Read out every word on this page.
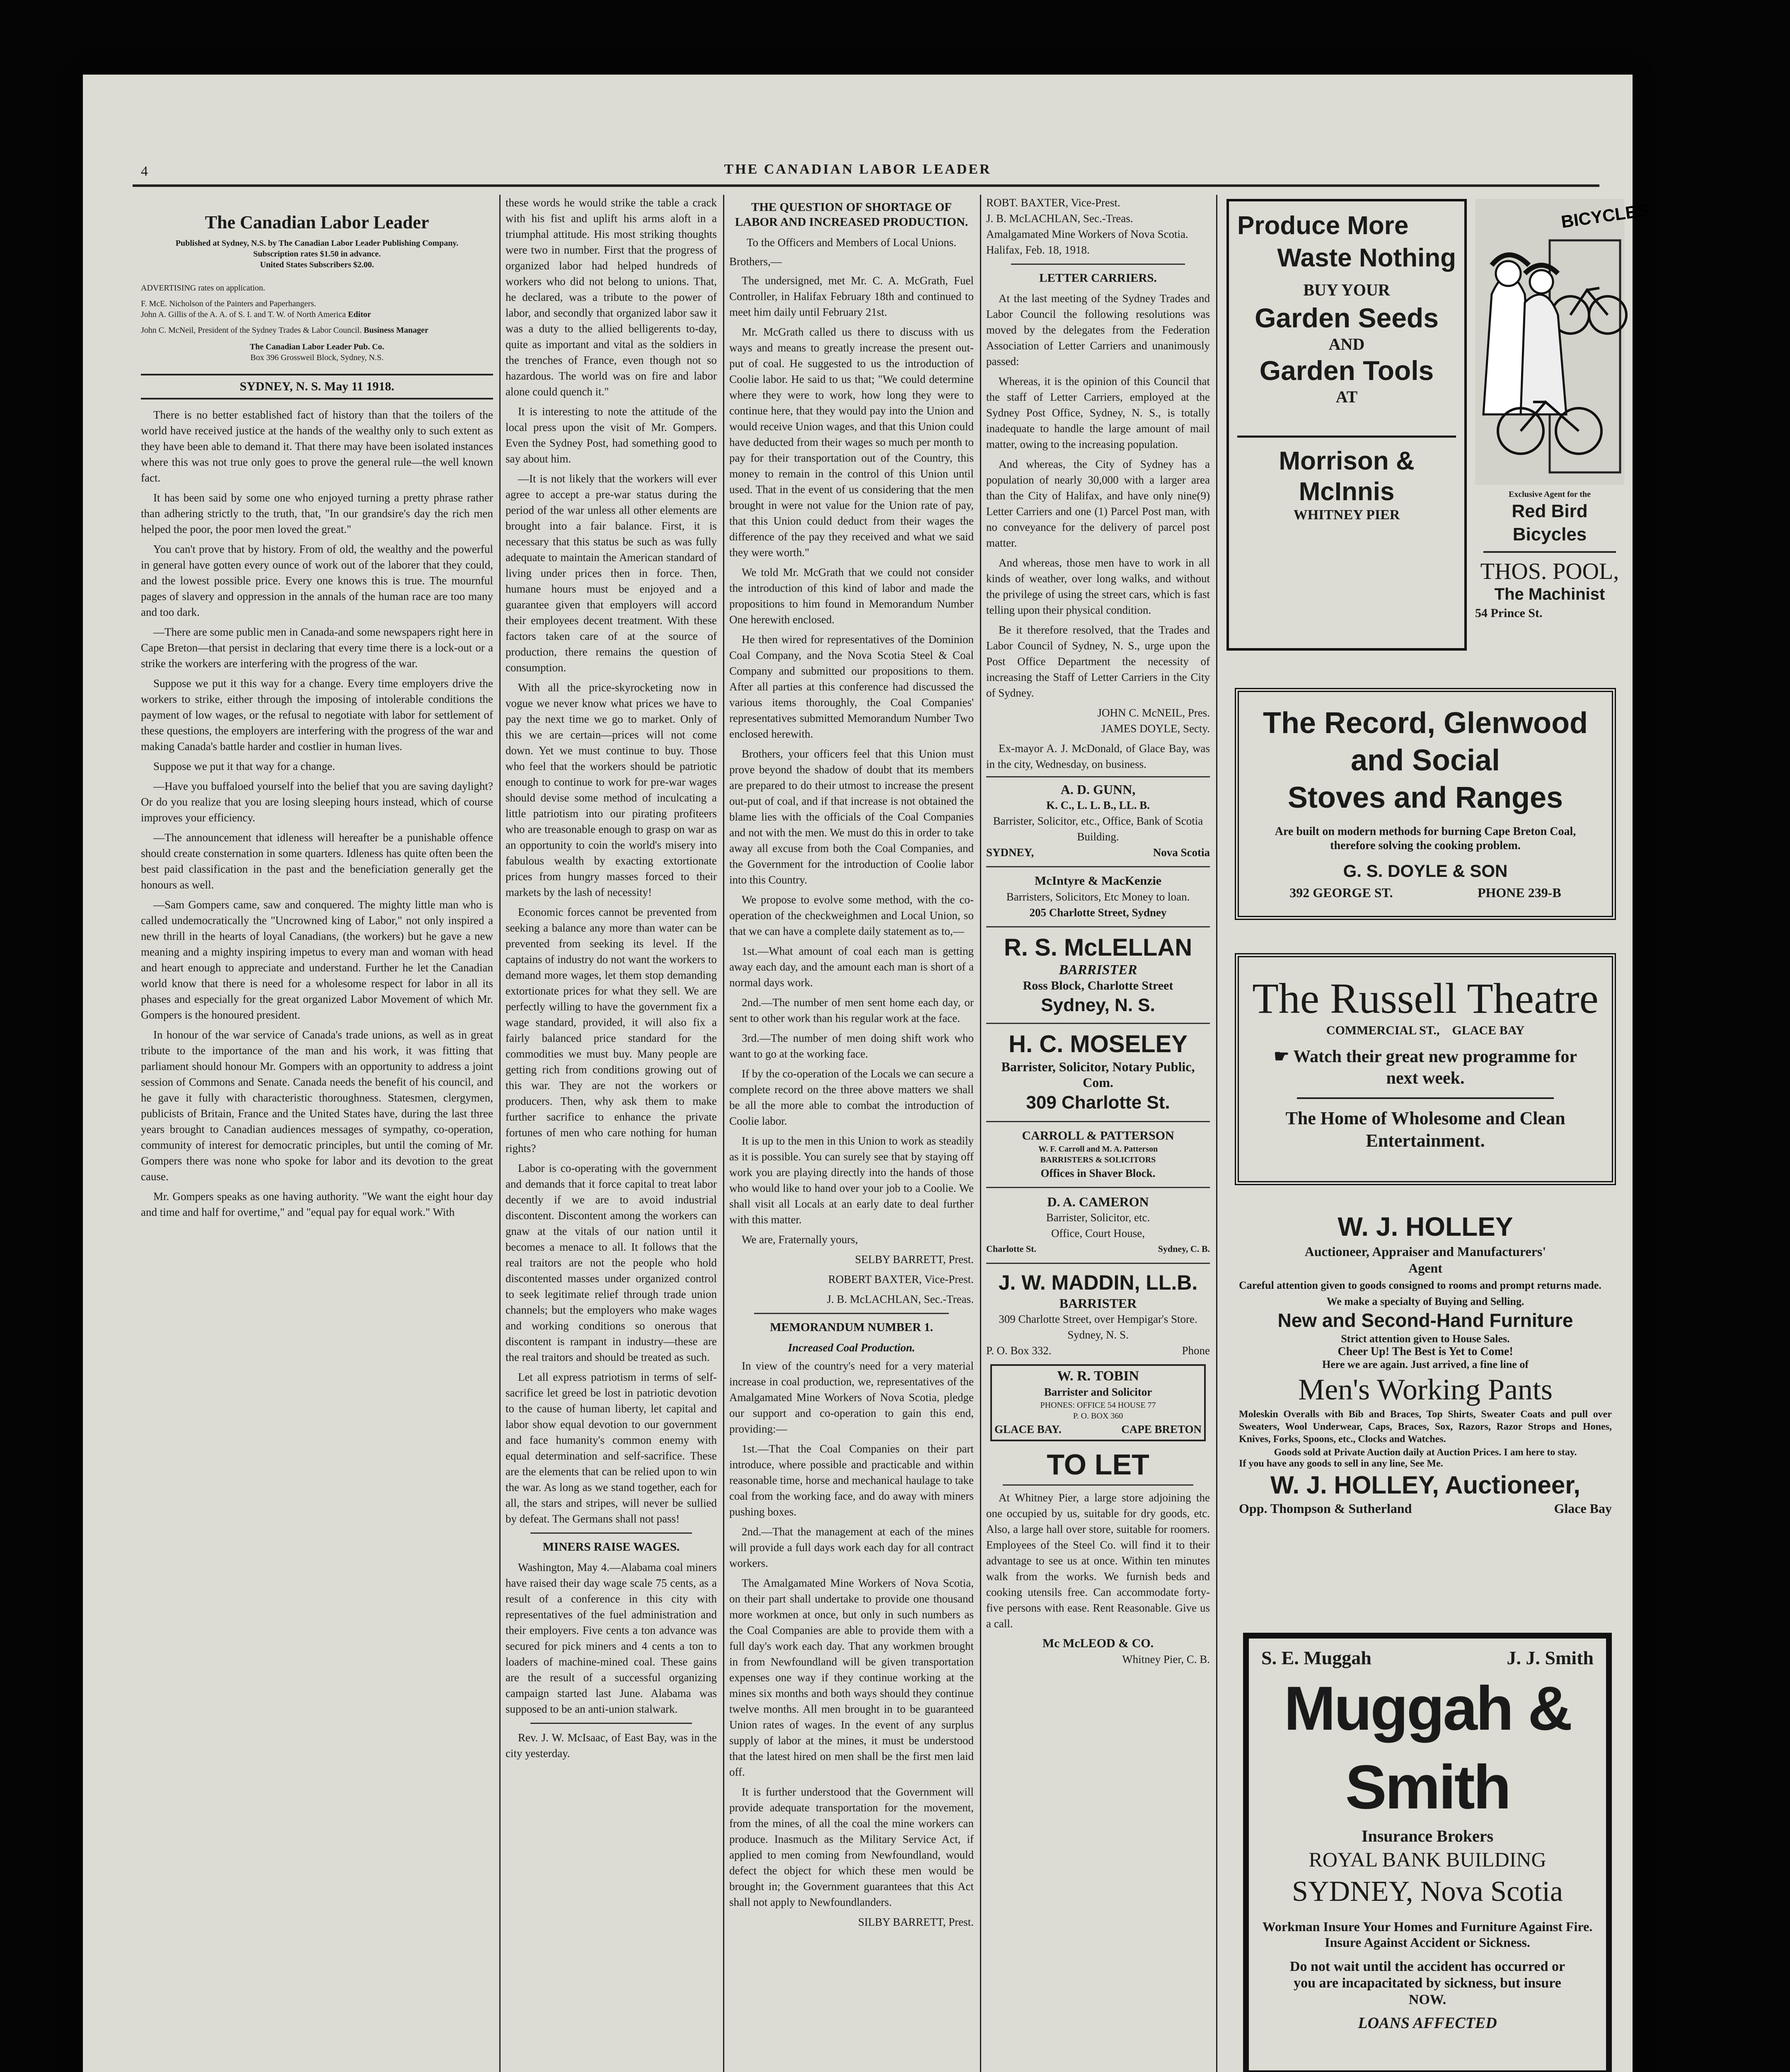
4	THE CANADIAN LABOR LEADER
The Canadian Labor Leader
Published at Sydney, N.S. by The Canadian Labor Leader Publishing Company.
Subscription rates $1.50 in advance.
United States Subscribers $2.00.
ADVERTISING rates on application.
F. McE. Nicholson of the Painters and Paperhangers.
John A. Gillis of the A. A. of S. I. and T. W. of North America Editor
John C. McNeil, President of the Sydney Trades & Labor Council. Business Manager
The Canadian Labor Leader Pub. Co.
Box 396 Grossweil Block, Sydney, N.S.
SYDNEY, N. S. May 11 1918.

There is no better established fact of history than that the toilers of the world have received justice at the hands of the wealthy only to such extent as they have been able to demand it. That there may have been isolated instances where this was not true only goes to prove the general rule—the well known fact.

It has been said by some one who enjoyed turning a pretty phrase rather than adhering strictly to the truth, that, "In our grandsire's day the rich men helped the poor, the poor men loved the great."

You can't prove that by history. From of old, the wealthy and the powerful in general have gotten every ounce of work out of the laborer that they could, and the lowest possible price. Every one knows this is true. The mournful pages of slavery and oppression in the annals of the human race are too many and too dark.

—There are some public men in Canada-and some newspapers right here in Cape Breton—that persist in declaring that every time there is a lock-out or a strike the workers are interfering with the progress of the war.

Suppose we put it this way for a change. Every time employers drive the workers to strike, either through the imposing of intolerable conditions the payment of low wages, or the refusal to negotiate with labor for settlement of these questions, the employers are interfering with the progress of the war and making Canada's battle harder and costlier in human lives.

Suppose we put it that way for a change.

—Have you buffaloed yourself into the belief that you are saving daylight? Or do you realize that you are losing sleeping hours instead, which of course improves your efficiency.

—The announcement that idleness will hereafter be a punishable offence should create consternation in some quarters. Idleness has quite often been the best paid classification in the past and the beneficiation generally get the honours as well.

—Sam Gompers came, saw and conquered. The mighty little man who is called undemocratically the "Uncrowned king of Labor," not only inspired a new thrill in the hearts of loyal Canadians, (the workers) but he gave a new meaning and a mighty inspiring impetus to every man and woman with head and heart enough to appreciate and understand. Further he let the Canadian world know that there is need for a wholesome respect for labor in all its phases and especially for the great organized Labor Movement of which Mr. Gompers is the honoured president.

In honour of the war service of Canada's trade unions, as well as in great tribute to the importance of the man and his work, it was fitting that parliament should honour Mr. Gompers with an opportunity to address a joint session of Commons and Senate. Canada needs the benefit of his council, and he gave it fully with characteristic thoroughness. Statesmen, clergymen, publicists of Britain, France and the United States have, during the last three years brought to Canadian audiences messages of sympathy, co-operation, community of interest for democratic principles, but until the coming of Mr. Gompers there was none who spoke for labor and its devotion to the great cause.

Mr. Gompers speaks as one having authority. "We want the eight hour day and time and half for overtime," and "equal pay for equal work." With

these words he would strike the table a crack with his fist and uplift his arms aloft in a triumphal attitude. His most striking thoughts were two in number. First that the progress of organized labor had helped hundreds of workers who did not belong to unions. That, he declared, was a tribute to the power of labor, and secondly that organized labor saw it was a duty to the allied belligerents to-day, quite as important and vital as the soldiers in the trenches of France, even though not so hazardous. The world was on fire and labor alone could quench it."

It is interesting to note the attitude of the local press upon the visit of Mr. Gompers. Even the Sydney Post, had something good to say about him.

—It is not likely that the workers will ever agree to accept a pre-war status during the period of the war unless all other elements are brought into a fair balance. First, it is necessary that this status be such as was fully adequate to maintain the American standard of living under prices then in force. Then, humane hours must be enjoyed and a guarantee given that employers will accord their employees decent treatment. With these factors taken care of at the source of production, there remains the question of consumption.

With all the price-skyrocketing now in vogue we never know what prices we have to pay the next time we go to market. Only of this we are certain—prices will not come down. Yet we must continue to buy. Those who feel that the workers should be patriotic enough to continue to work for pre-war wages should devise some method of inculcating a little patriotism into our pirating profiteers who are treasonable enough to grasp on war as an opportunity to coin the world's misery into fabulous wealth by exacting extortionate prices from hungry masses forced to their markets by the lash of necessity!

Economic forces cannot be prevented from seeking a balance any more than water can be prevented from seeking its level. If the captains of industry do not want the workers to demand more wages, let them stop demanding extortionate prices for what they sell. We are perfectly willing to have the government fix a wage standard, provided, it will also fix a fairly balanced price standard for the commodities we must buy. Many people are getting rich from conditions growing out of this war. They are not the workers or producers. Then, why ask them to make further sacrifice to enhance the private fortunes of men who care nothing for human rights?

Labor is co-operating with the government and demands that it force capital to treat labor decently if we are to avoid industrial discontent. Discontent among the workers can gnaw at the vitals of our nation until it becomes a menace to all. It follows that the real traitors are not the people who hold discontented masses under organized control to seek legitimate relief through trade union channels; but the employers who make wages and working conditions so onerous that discontent is rampant in industry—these are the real traitors and should be treated as such.

Let all express patriotism in terms of self-sacrifice let greed be lost in patriotic devotion to the cause of human liberty, let capital and labor show equal devotion to our government and face humanity's common enemy with equal determination and self-sacrifice. These are the elements that can be relied upon to win the war. As long as we stand together, each for all, the stars and stripes, will never be sullied by defeat. The Germans shall not pass!

MINERS RAISE WAGES.

Washington, May 4.—Alabama coal miners have raised their day wage scale 75 cents, as a result of a conference in this city with representatives of the fuel administration and their employers. Five cents a ton advance was secured for pick miners and 4 cents a ton to loaders of machine-mined coal. These gains are the result of a successful organizing campaign started last June. Alabama was supposed to be an anti-union stalwark.

Rev. J. W. McIsaac, of East Bay, was in the city yesterday.

THE QUESTION OF SHORTAGE OF LABOR AND INCREASED PRODUCTION.
To the Officers and Members of Local Unions.
Brothers,—

The undersigned, met Mr. C. A. McGrath, Fuel Controller, in Halifax February 18th and continued to meet him daily until February 21st.

Mr. McGrath called us there to discuss with us ways and means to greatly increase the present out-put of coal. He suggested to us the introduction of Coolie labor. He said to us that; "We could determine where they were to work, how long they were to continue here, that they would pay into the Union and would receive Union wages, and that this Union could have deducted from their wages so much per month to pay for their transportation out of the Country, this money to remain in the control of this Union until used. That in the event of us considering that the men brought in were not value for the Union rate of pay, that this Union could deduct from their wages the difference of the pay they received and what we said they were worth."

We told Mr. McGrath that we could not consider the introduction of this kind of labor and made the propositions to him found in Memorandum Number One herewith enclosed.

He then wired for representatives of the Dominion Coal Company, and the Nova Scotia Steel & Coal Company and submitted our propositions to them. After all parties at this conference had discussed the various items thoroughly, the Coal Companies' representatives submitted Memorandum Number Two enclosed herewith.

Brothers, your officers feel that this Union must prove beyond the shadow of doubt that its members are prepared to do their utmost to increase the present out-put of coal, and if that increase is not obtained the blame lies with the officials of the Coal Companies and not with the men. We must do this in order to take away all excuse from both the Coal Companies, and the Government for the introduction of Coolie labor into this Country.

We propose to evolve some method, with the co-operation of the checkweighmen and Local Union, so that we can have a complete daily statement as to,—

1st.—What amount of coal each man is getting away each day, and the amount each man is short of a normal days work.

2nd.—The number of men sent home each day, or sent to other work than his regular work at the face.

3rd.—The number of men doing shift work who want to go at the working face.

If by the co-operation of the Locals we can secure a complete record on the three above matters we shall be all the more able to combat the introduction of Coolie labor.

It is up to the men in this Union to work as steadily as it is possible. You can surely see that by staying off work you are playing directly into the hands of those who would like to hand over your job to a Coolie. We shall visit all Locals at an early date to deal further with this matter.

We are, Fraternally yours,

SELBY BARRETT, Prest.

ROBERT BAXTER, Vice-Prest.

J. B. McLACHLAN, Sec.-Treas.

MEMORANDUM NUMBER 1.
Increased Coal Production.

In view of the country's need for a very material increase in coal production, we, representatives of the Amalgamated Mine Workers of Nova Scotia, pledge our support and co-operation to gain this end, providing:—

1st.—That the Coal Companies on their part introduce, where possible and practicable and within reasonable time, horse and mechanical haulage to take coal from the working face, and do away with miners pushing boxes.

2nd.—That the management at each of the mines will provide a full days work each day for all contract workers.

The Amalgamated Mine Workers of Nova Scotia, on their part shall undertake to provide one thousand more workmen at once, but only in such numbers as the Coal Companies are able to provide them with a full day's work each day. That any workmen brought in from Newfoundland will be given transportation expenses one way if they continue working at the mines six months and both ways should they continue twelve months. All men brought in to be guaranteed Union rates of wages. In the event of any surplus supply of labor at the mines, it must be understood that the latest hired on men shall be the first men laid off.

It is further understood that the Government will provide adequate transportation for the movement, from the mines, of all the coal the mine workers can produce. Inasmuch as the Military Service Act, if applied to men coming from Newfoundland, would defect the object for which these men would be brought in; the Government guarantees that this Act shall not apply to Newfoundlanders.

SILBY BARRETT, Prest.

ROBT. BAXTER, Vice-Prest.

J. B. McLACHLAN, Sec.-Treas.

Amalgamated Mine Workers of Nova Scotia.

Halifax, Feb. 18, 1918.

LETTER CARRIERS.

At the last meeting of the Sydney Trades and Labor Council the following resolutions was moved by the delegates from the Federation Association of Letter Carriers and unanimously passed:

Whereas, it is the opinion of this Council that the staff of Letter Carriers, employed at the Sydney Post Office, Sydney, N. S., is totally inadequate to handle the large amount of mail matter, owing to the increasing population.

And whereas, the City of Sydney has a population of nearly 30,000 with a larger area than the City of Halifax, and have only nine(9) Letter Carriers and one (1) Parcel Post man, with no conveyance for the delivery of parcel post matter.

And whereas, those men have to work in all kinds of weather, over long walks, and without the privilege of using the street cars, which is fast telling upon their physical condition.

Be it therefore resolved, that the Trades and Labor Council of Sydney, N. S., urge upon the Post Office Department the necessity of increasing the Staff of Letter Carriers in the City of Sydney.

JOHN C. McNEIL, Pres.

JAMES DOYLE, Secty.

Ex-mayor A. J. McDonald, of Glace Bay, was in the city, Wednesday, on business.

A. D. GUNN,
K. C., L. L. B., LL. B.
Barrister, Solicitor, etc., Office, Bank of Scotia Building.
SYDNEY,	Nova Scotia
McIntyre & MacKenzie
Barristers, Solicitors, Etc Money to loan.
205 Charlotte Street, Sydney
R. S. McLELLAN
BARRISTER
Ross Block, Charlotte Street
Sydney, N. S.
H. C. MOSELEY
Barrister, Solicitor, Notary Public, Com.
309 Charlotte St.
CARROLL & PATTERSON
W. F. Carroll and M. A. Patterson
BARRISTERS & SOLICITORS
Offices in Shaver Block.
D. A. CAMERON
Barrister, Solicitor, etc.
Office, Court House,
Charlotte St.	Sydney, C. B.
J. W. MADDIN, LL.B.
BARRISTER
309 Charlotte Street, over Hempigar's Store. Sydney, N. S.
P. O. Box 332.	Phone
W. R. TOBIN
Barrister and Solicitor
PHONES: OFFICE 54 HOUSE 77
P. O. BOX 360
GLACE BAY.	CAPE BRETON
TO LET

At Whitney Pier, a large store adjoining the one occupied by us, suitable for dry goods, etc. Also, a large hall over store, suitable for roomers. Employees of the Steel Co. will find it to their advantage to see us at once. Within ten minutes walk from the works. We furnish beds and cooking utensils free. Can accommodate forty-five persons with ease. Rent Reasonable. Give us a call.

Mc McLEOD & CO.
Whitney Pier, C. B.
Produce More
Waste Nothing
BUY YOUR
Garden Seeds
AND
Garden Tools
AT
Morrison & McInnis
WHITNEY PIER
BICYCLES
Exclusive Agent for the
Red Bird Bicycles
THOS. POOL,
The Machinist
54 Prince St.
The Record, Glenwood and Social
Stoves and Ranges
Are built on modern methods for burning Cape Breton Coal, therefore solving the cooking problem.
G. S. DOYLE & SON
392 GEORGE ST.	PHONE 239-B
The Russell Theatre
COMMERCIAL ST., GLACE BAY
☛ Watch their great new programme for next week.
The Home of Wholesome and Clean Entertainment.
W. J. HOLLEY
Auctioneer, Appraiser and Manufacturers' Agent
Careful attention given to goods consigned to rooms and prompt returns made.
We make a specialty of Buying and Selling.
New and Second-Hand Furniture
Strict attention given to House Sales.
Cheer Up! The Best is Yet to Come!
Here we are again. Just arrived, a fine line of
Men's Working Pants
Moleskin Overalls with Bib and Braces, Top Shirts, Sweater Coats and pull over Sweaters, Wool Underwear, Caps, Braces, Sox, Razors, Razor Strops and Hones, Knives, Forks, Spoons, etc., Clocks and Watches.
Goods sold at Private Auction daily at Auction Prices. I am here to stay.
If you have any goods to sell in any line, See Me.
W. J. HOLLEY, Auctioneer,
Opp. Thompson & Sutherland	Glace Bay
S. E. Muggah	J. J. Smith
Muggah & Smith
Insurance Brokers
ROYAL BANK BUILDING
SYDNEY, Nova Scotia
Workman Insure Your Homes and Furniture Against Fire. Insure Against Accident or Sickness.
Do not wait until the accident has occurred or you are incapacitated by sickness, but insure NOW.
LOANS AFFECTED
